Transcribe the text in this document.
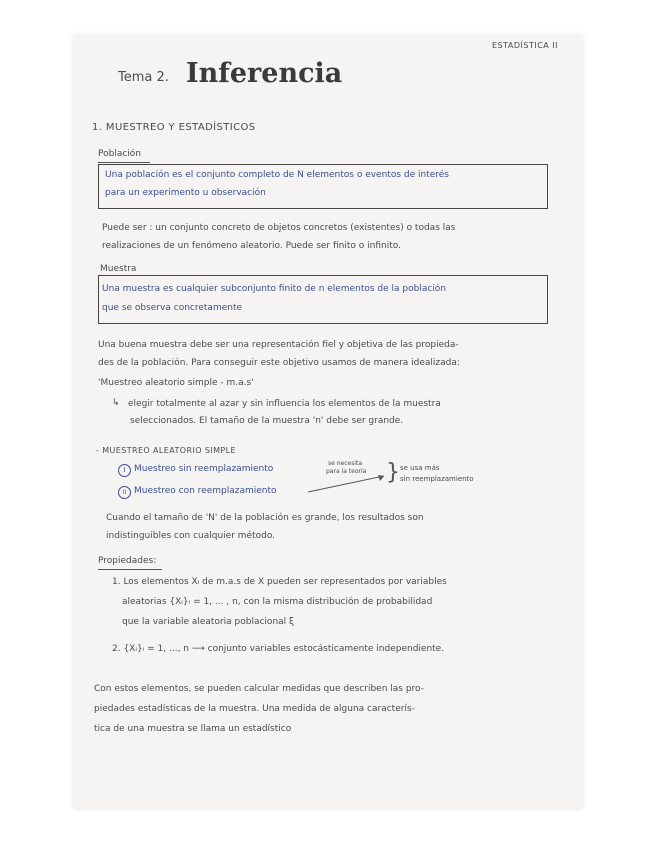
ESTADÍSTICA II
Tema 2. Inferencia
1. MUESTREO Y ESTADÍSTICOS
Población
Una población es el conjunto completo de N elementos o eventos de interés
para un experimento u observación
Puede ser : un conjunto concreto de objetos concretos (existentes) o todas las
realizaciones de un fenómeno aleatorio. Puede ser finito o infinito.
Muestra
Una muestra es cualquier subconjunto finito de n elementos de la población
que se observa concretamente
Una buena muestra debe ser una representación fiel y objetiva de las propieda-
des de la población. Para conseguir este objetivo usamos de manera idealizada:
'Muestreo aleatorio simple - m.a.s'
↳ elegir totalmente al azar y sin influencia los elementos de la muestra
seleccionados. El tamaño de la muestra 'n' debe ser grande.
- MUESTREO ALEATORIO SIMPLE
I Muestreo sin reemplazamiento
II Muestreo con reemplazamiento
se necesita
para la teoría } se usa más
sin reemplazamiento
Cuando el tamaño de 'N' de la población es grande, los resultados son
indistinguibles con cualquier método.
Propiedades:
1. Los elementos Xᵢ de m.a.s de X pueden ser representados por variables
aleatorias {Xᵢ}ᵢ = 1, ... , n, con la misma distribución de probabilidad
que la variable aleatoria poblacional ξ
2. {Xᵢ}ᵢ = 1, ..., n ⟶ conjunto variables estocásticamente independiente.
Con estos elementos, se pueden calcular medidas que describen las pro-
piedades estadísticas de la muestra. Una medida de alguna caracterís-
tica de una muestra se llama un estadístico
